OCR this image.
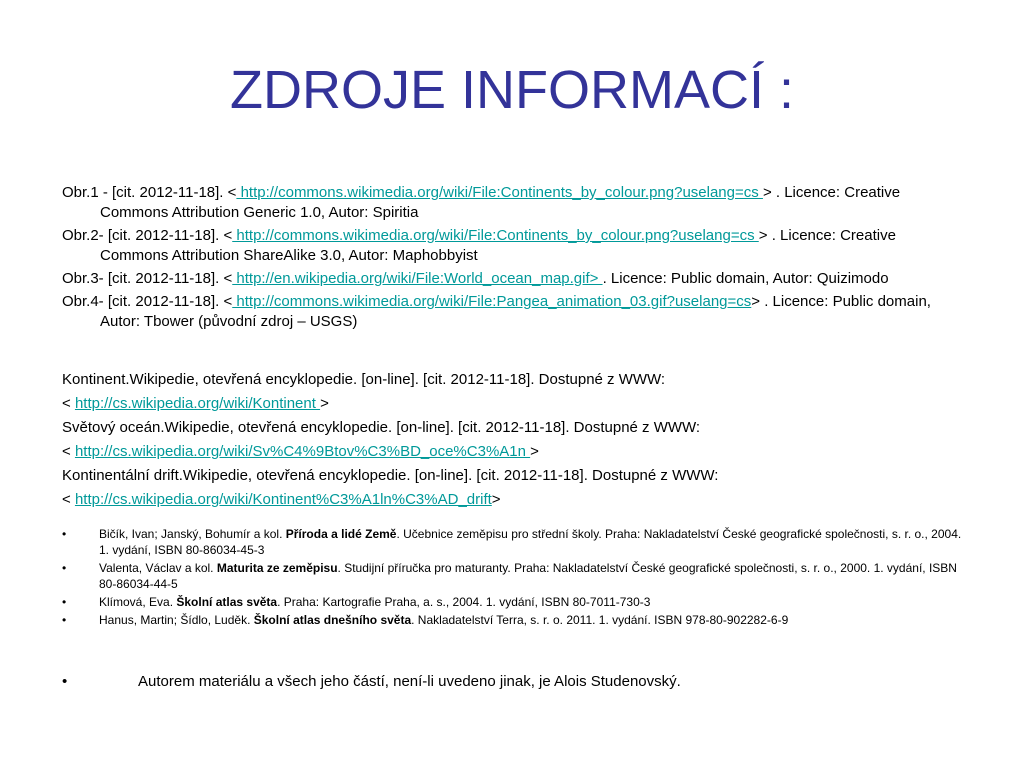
ZDROJE INFORMACÍ :

Obr.1 - [cit. 2012-11-18]. < http://commons.wikimedia.org/wiki/File:Continents_by_colour.png?uselang=cs > . Licence: Creative Commons Attribution Generic 1.0, Autor: Spiritia

Obr.2- [cit. 2012-11-18]. < http://commons.wikimedia.org/wiki/File:Continents_by_colour.png?uselang=cs > . Licence: Creative Commons Attribution ShareAlike 3.0, Autor: Maphobbyist

Obr.3- [cit. 2012-11-18]. < http://en.wikipedia.org/wiki/File:World_ocean_map.gif> . Licence: Public domain, Autor: Quizimodo

Obr.4- [cit. 2012-11-18]. < http://commons.wikimedia.org/wiki/File:Pangea_animation_03.gif?uselang=cs> . Licence: Public domain, Autor: Tbower (původní zdroj – USGS)

Kontinent.Wikipedie, otevřená encyklopedie. [on-line]. [cit. 2012-11-18]. Dostupné z WWW:

< http://cs.wikipedia.org/wiki/Kontinent >

Světový oceán.Wikipedie, otevřená encyklopedie. [on-line]. [cit. 2012-11-18]. Dostupné z WWW:

< http://cs.wikipedia.org/wiki/Sv%C4%9Btov%C3%BD_oce%C3%A1n >

Kontinentální drift.Wikipedie, otevřená encyklopedie. [on-line]. [cit. 2012-11-18]. Dostupné z WWW:

< http://cs.wikipedia.org/wiki/Kontinent%C3%A1ln%C3%AD_drift>

•	Bičík, Ivan; Janský, Bohumír a kol. Příroda a lidé Země. Učebnice zeměpisu pro střední školy. Praha: Nakladatelství České geografické společnosti, s. r. o., 2004. 1. vydání, ISBN 80-86034-45-3
•	Valenta, Václav a kol. Maturita ze zeměpisu. Studijní příručka pro maturanty. Praha: Nakladatelství České geografické společnosti, s. r. o., 2000. 1. vydání, ISBN 80-86034-44-5
•	Klímová, Eva. Školní atlas světa. Praha: Kartografie Praha, a. s., 2004. 1. vydání, ISBN 80-7011-730-3
•	Hanus, Martin; Šídlo, Luděk. Školní atlas dnešního světa. Nakladatelství Terra, s. r. o. 2011. 1. vydání. ISBN 978-80-902282-6-9
•	Autorem materiálu a všech jeho částí, není-li uvedeno jinak, je Alois Studenovský.
